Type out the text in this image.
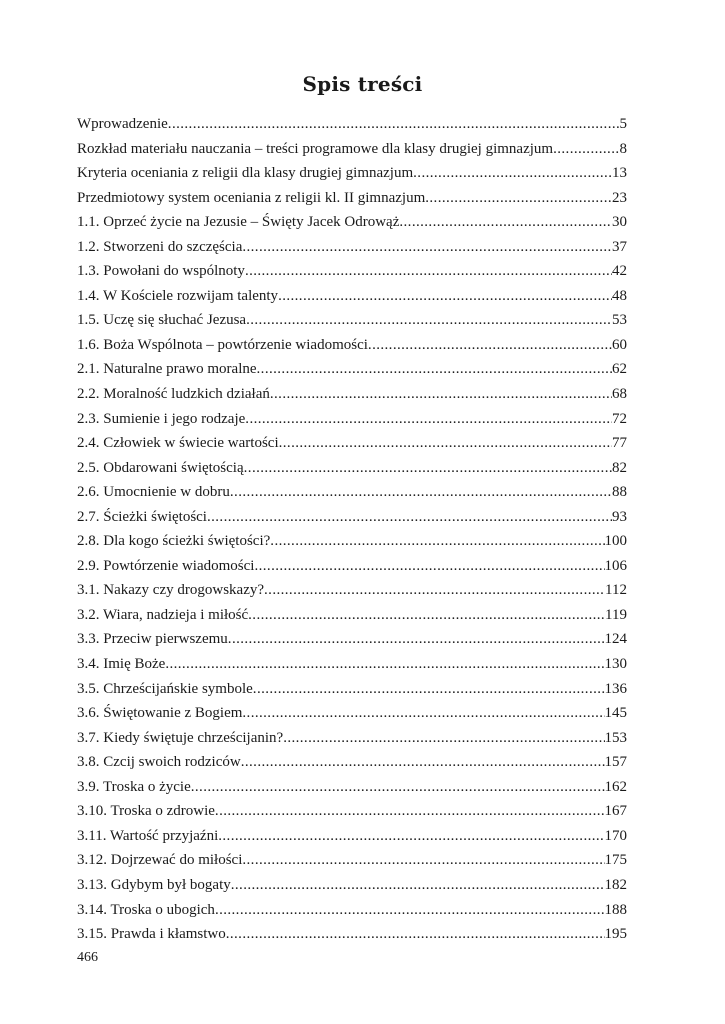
Spis treści
Wprowadzenie .....	5
Rozkład materiału nauczania – treści programowe dla klasy drugiej gimnazjum .....	8
Kryteria oceniania z religii dla klasy drugiej gimnazjum .....	13
Przedmiotowy system oceniania z religii kl. II gimnazjum .....	23
1.1. Oprzeć życie na Jezusie – Święty Jacek Odrowąż .....	30
1.2. Stworzeni do szczęścia .....	37
1.3. Powołani do wspólnoty .....	42
1.4. W Kościele rozwijam talenty .....	48
1.5. Uczę się słuchać Jezusa .....	53
1.6. Boża Wspólnota – powtórzenie wiadomości .....	60
2.1. Naturalne prawo moralne .....	62
2.2. Moralność ludzkich działań .....	68
2.3. Sumienie i jego rodzaje .....	72
2.4. Człowiek w świecie wartości .....	77
2.5. Obdarowani świętością .....	82
2.6. Umocnienie w dobru .....	88
2.7. Ścieżki świętości .....	93
2.8. Dla kogo ścieżki świętości? .....	100
2.9. Powtórzenie wiadomości .....	106
3.1. Nakazy czy drogowskazy? .....	112
3.2. Wiara, nadzieja i miłość .....	119
3.3. Przeciw pierwszemu .....	124
3.4. Imię Boże .....	130
3.5. Chrześcijańskie symbole .....	136
3.6. Świętowanie z Bogiem .....	145
3.7. Kiedy świętuje chrześcijanin? .....	153
3.8. Czcij swoich rodziców .....	157
3.9. Troska o życie .....	162
3.10. Troska o zdrowie .....	167
3.11. Wartość przyjaźni .....	170
3.12. Dojrzewać do miłości .....	175
3.13. Gdybym był bogaty .....	182
3.14. Troska o ubogich .....	188
3.15. Prawda i kłamstwo .....	195
466
